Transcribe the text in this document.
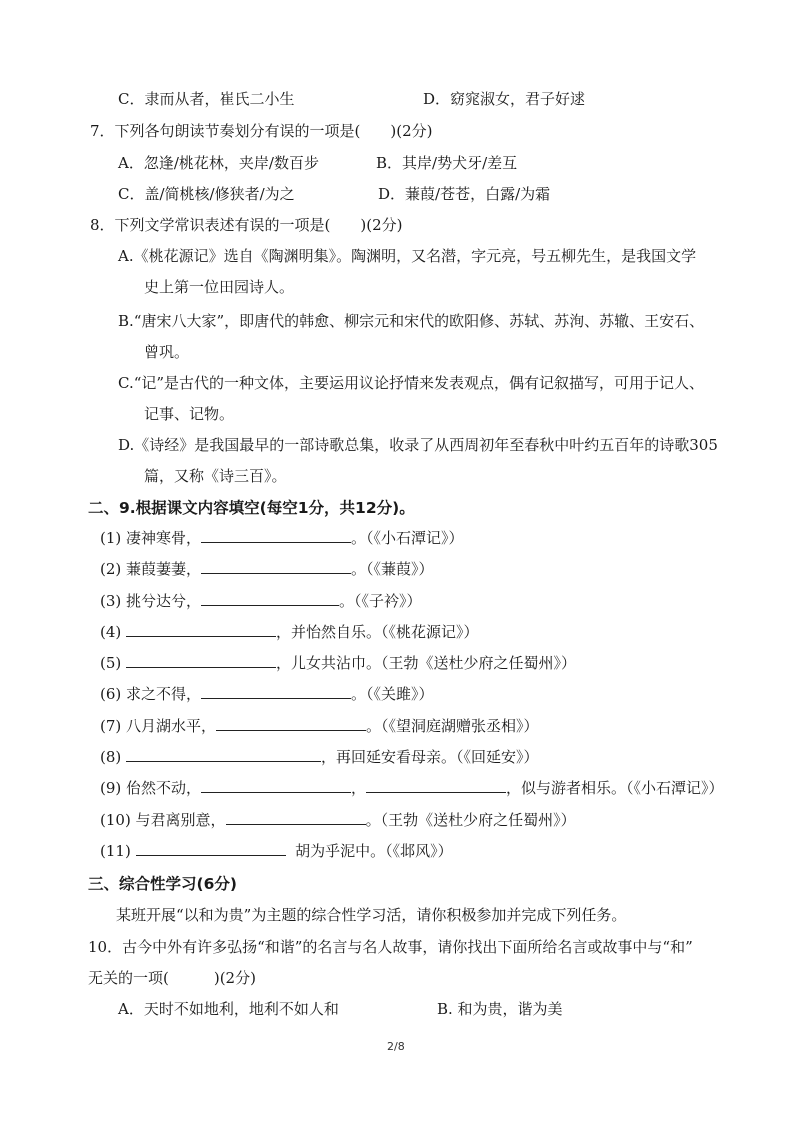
C．隶而从者，崔氏二小生	D．窈窕淑女，君子好逑
7．下列各句朗读节奏划分有误的一项是(　　)(2分)
A．忽逢/桃花林，夹岸/数百步	B．其岸/势犬牙/差互
C．盖/简桃核/修狭者/为之	D．蒹葭/苍苍，白露/为霜
8．下列文学常识表述有误的一项是(　　)(2分)
A.《桃花源记》选自《陶渊明集》。陶渊明，又名潜，字元亮，号五柳先生，是我国文学
史上第一位田园诗人。
B.“唐宋八大家”，即唐代的韩愈、柳宗元和宋代的欧阳修、苏轼、苏洵、苏辙、王安石、
曾巩。
C.“记”是古代的一种文体，主要运用议论抒情来发表观点，偶有记叙描写，可用于记人、
记事、记物。
D.《诗经》是我国最早的一部诗歌总集，收录了从西周初年至春秋中叶约五百年的诗歌305
篇，又称《诗三百》。
二、9.根据课文内容填空(每空1分，共12分)。
(1) 凄神寒骨，	。（《小石潭记》）
(2) 蒹葭萋萋，	。（《蒹葭》）
(3) 挑兮达兮，	。（《子衿》）
(4)	，并怡然自乐。（《桃花源记》）
(5)	，儿女共沾巾。（王勃《送杜少府之任蜀州》）
(6) 求之不得，	。（《关雎》）
(7) 八月湖水平，	。（《望洞庭湖赠张丞相》）
(8)	，再回延安看母亲。（《回延安》）
(9) 佁然不动，	，	，似与游者相乐。（《小石潭记》）
(10) 与君离别意，	。（王勃《送杜少府之任蜀州》）
(11)	胡为乎泥中。（《邶风》）
三、综合性学习(6分)
某班开展“以和为贵”为主题的综合性学习活，请你积极参加并完成下列任务。
10．古今中外有许多弘扬“和谐”的名言与名人故事，请你找出下面所给名言或故事中与“和”
无关的一项(　　　)(2分)
A．天时不如地利，地利不如人和	B. 和为贵，谐为美
2/8
